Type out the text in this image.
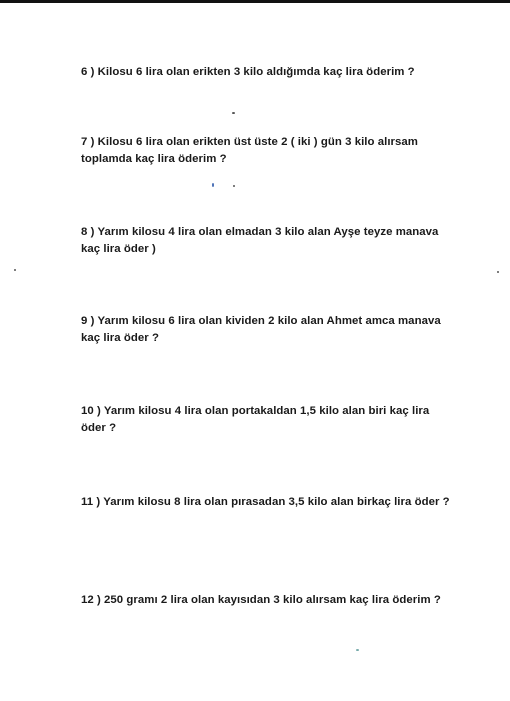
6 ) Kilosu 6 lira olan erikten 3 kilo aldığımda kaç lira öderim ?
7 ) Kilosu 6 lira olan erikten üst üste 2 ( iki ) gün 3 kilo alırsam
toplamda kaç lira öderim ?
8 ) Yarım kilosu 4 lira olan elmadan 3 kilo alan Ayşe teyze manava
kaç lira öder )
9 ) Yarım kilosu 6 lira olan kividen 2 kilo alan Ahmet amca manava
kaç lira öder ?
10 ) Yarım kilosu 4 lira olan portakaldan 1,5 kilo alan biri kaç lira
öder ?
11 ) Yarım kilosu 8 lira olan pırasadan 3,5 kilo alan birkaç lira öder ?
12 ) 250 gramı 2 lira olan kayısıdan 3 kilo alırsam kaç lira öderim ?
